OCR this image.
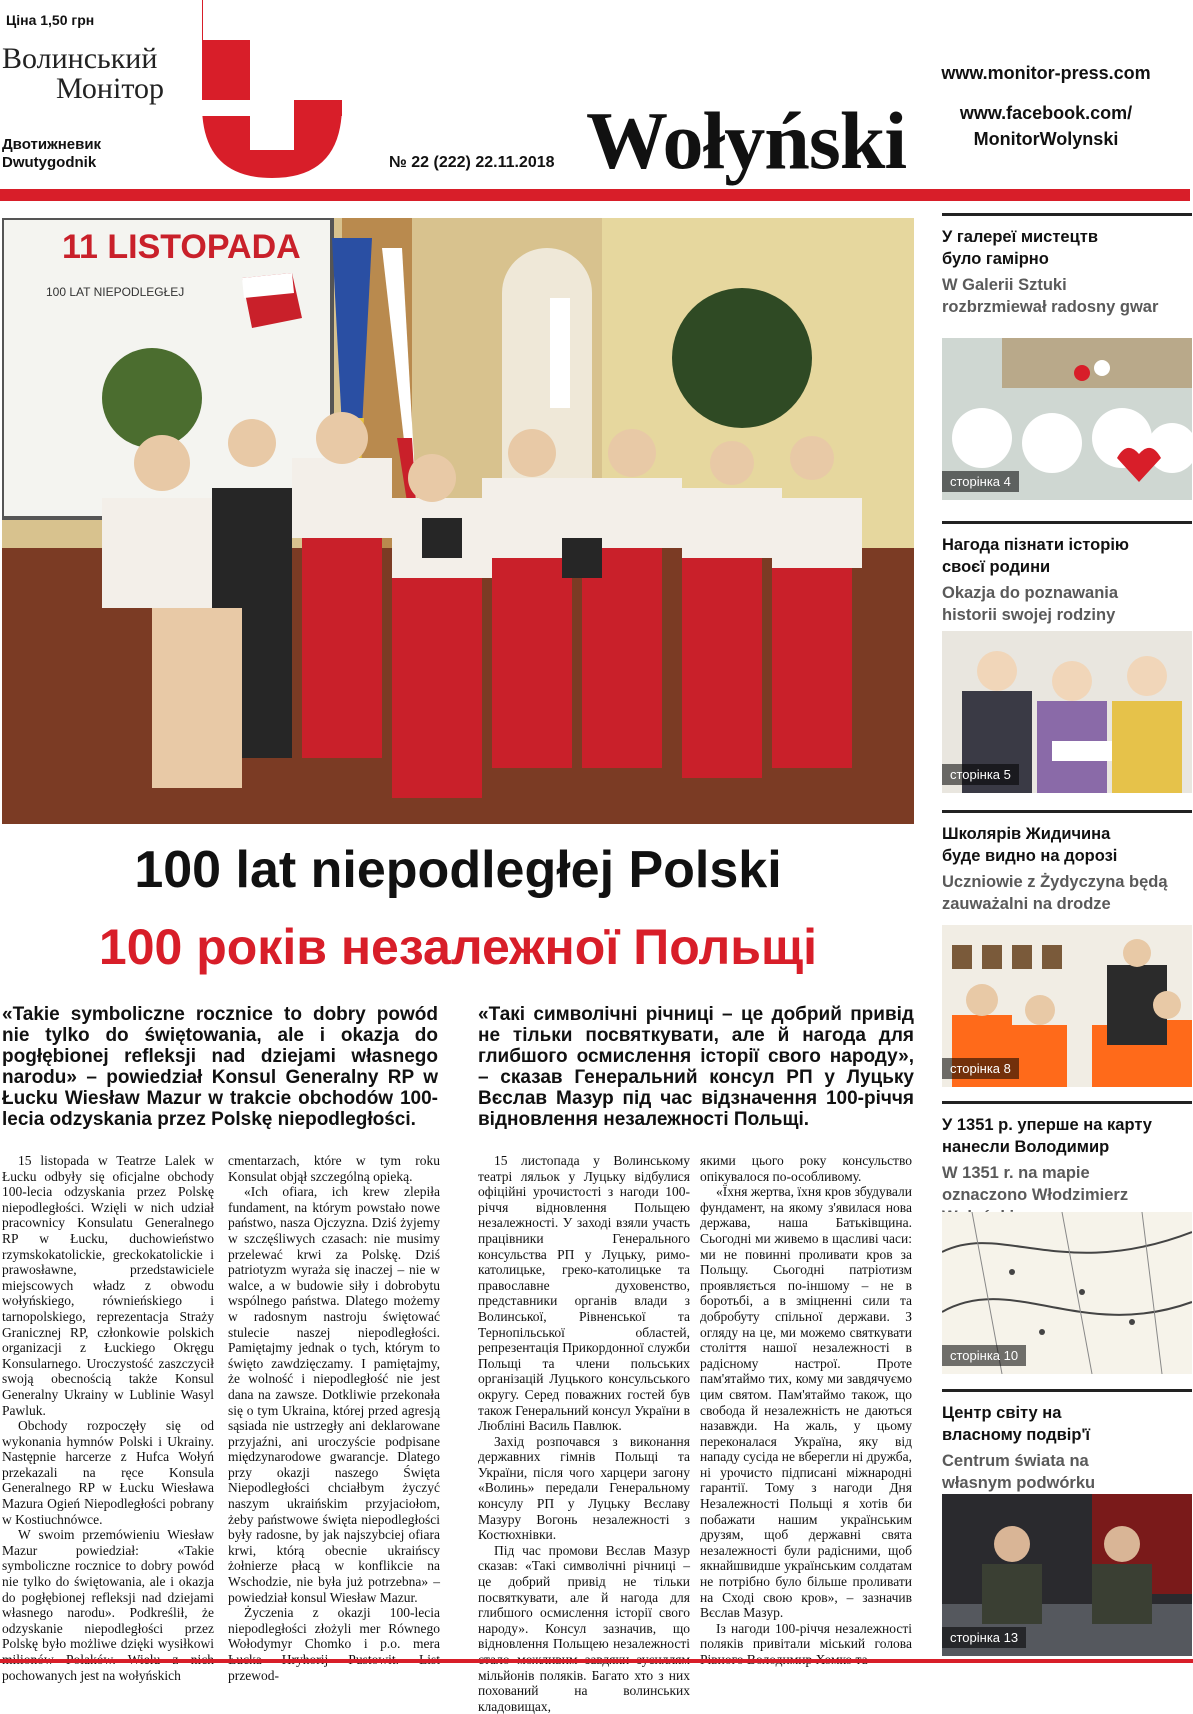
Ціна 1,50 грн
Волинський
Монітор
Двотижневик
Dwutygodnik	№ 22 (222) 22.11.2018 Wołyński
www.monitor-press.com
www.facebook.com/
MonitorWolynski
11 LISTOPADA
100 LAT NIEPODLEGŁEJ
100 lat niepodległej Polski
100 років незалежної Польщі
«Takie symboliczne rocznice to dobry powód nie tylko do świętowania, ale i okazja do pogłębionej refleksji nad dziejami własnego narodu» – powiedział Konsul Generalny RP w Łucku Wiesław Mazur w trakcie obchodów 100-lecia odzyskania przez Polskę niepodległości.
«Такі символічні річниці – це добрий привід не тільки посвяткувати, але й нагода для глибшого осмислення історії свого народу», – сказав Генеральний консул РП у Луцьку Вєслав Мазур під час відзначення 100-річчя відновлення незалежності Польщі.

15 listopada w Teatrze Lalek w Łucku odbyły się oficjalne obchody 100-lecia odzyskania przez Polskę niepodległości. Wzięli w nich udział pracownicy Konsulatu Generalnego RP w Łucku, duchowieństwo rzymskokatolickie, greckokatolickie i prawosławne, przedstawiciele miejscowych władz z obwodu wołyńskiego, równieńskiego i tarnopolskiego, reprezentacja Straży Granicznej RP, członkowie polskich organizacji z Łuckiego Okręgu Konsularnego. Uroczystość zaszczycił swoją obecnością także Konsul Generalny Ukrainy w Lublinie Wasyl Pawluk.

Obchody rozpoczęły się od wykonania hymnów Polski i Ukrainy. Następnie harcerze z Hufca Wołyń przekazali na ręce Konsula Generalnego RP w Łucku Wiesława Mazura Ogień Niepodległości pobrany w Kostiuchnówce.

W swoim przemówieniu Wiesław Mazur powiedział: «Takie symboliczne rocznice to dobry powód nie tylko do świętowania, ale i okazja do pogłębionej refleksji nad dziejami własnego narodu». Podkreślił, że odzyskanie niepodległości przez Polskę było możliwe dzięki wysiłkowi pochowanych jest na wołyńskich

cmentarzach, które w tym roku Konsulat objął szczególną opieką.

«Ich ofiara, ich krew zlepiła fundament, na którym powstało nowe państwo, nasza Ojczyzna. Dziś żyjemy w szczęśliwych czasach: nie musimy przelewać krwi za Polskę. Dziś patriotyzm wyraża się inaczej – nie w walce, a w budowie siły i dobrobytu wspólnego państwa. Dlatego możemy w radosnym nastroju świętować stulecie naszej niepodległości. Pamiętajmy jednak o tych, którym to święto zawdzięczamy. I pamiętajmy, że wolność i niepodległość nie jest dana na zawsze. Dotkliwie przekonała się o tym Ukraina, której przed agresją sąsiada nie ustrzegły ani deklarowane przyjaźni, ani uroczyście podpisane międzynarodowe gwarancje. Dlatego przy okazji naszego Święta Niepodległości chciałbym życzyć naszym ukraińskim przyjaciołom, żeby państwowe święta niepodległości były radosne, by jak najszybciej ofiara krwi, którą obecnie ukraińscy żołnierze płacą w konflikcie na Wschodzie, nie była już potrzebna» – powiedział konsul Wiesław Mazur.

Życzenia z okazji 100-lecia niepodległości złożyli mer Równego Wołodymyr Chomko i p.o. mera przewod-

15 листопада у Волинському театрі ляльок у Луцьку відбулися офіційні урочистості з нагоди 100-річчя відновлення Польщею незалежності. У заході взяли участь працівники Генерального консульства РП у Луцьку, римо-католицьке, греко-католицьке та православне духовенство, представники органів влади з Волинської, Рівненської та Тернопільської областей, репрезентація Прикордонної служби Польщі та члени польських організацій Луцького консульського округу. Серед поважних гостей був також Генеральний консул України в Любліні Василь Павлюк.

Захід розпочався з виконання державних гімнів Польщі та України, після чого харцери загону «Волинь» передали Генеральному консулу РП у Луцьку Вєславу Мазуру Вогонь незалежності з Костюхнівки.

Під час промови Вєслав Мазур сказав: «Такі символічні річниці – це добрий привід не тільки посвяткувати, але й нагода для глибшого осмислення історії свого народу». Консул зазначив, що відновлення Польщею незалежності мільйонів поляків. Багато хто з них похований на волинських кладовищах,

якими цього року консульство опікувалося по-особливому.

«Їхня жертва, їхня кров збудували фундамент, на якому з'явилася нова держава, наша Батьківщина. Сьогодні ми живемо в щасливі часи: ми не повинні проливати кров за Польщу. Сьогодні патріотизм проявляється по-іншому – не в боротьбі, а в зміцненні сили та добробуту спільної держави. З огляду на це, ми можемо святкувати століття нашої незалежності в радісному настрої. Проте пам'ятаймо тих, кому ми завдячуємо цим святом. Пам'ятаймо також, що свобода й незалежність не даються назавжди. На жаль, у цьому переконалася Україна, яку від нападу сусіда не вберегли ні дружба, ні урочисто підписані міжнародні гарантії. Тому з нагоди Дня Незалежності Польщі я хотів би побажати нашим українським друзям, щоб державні свята незалежності були радісними, щоб якнайшвидше українським солдатам не потрібно було більше проливати на Сході свою кров», – зазначив Вєслав Мазур.

Із нагоди 100-річчя незалежності поляків привітали міський голова

У галереї мистецтв було гамірно
W Galerii Sztuki rozbrzmiewał radosny gwar
сторінка 4
Нагода пізнати історію своєї родини
Okazja do poznawania historii swojej rodziny
сторінка 5
Школярів Жидичина буде видно на дорозі
Uczniowie z Żydyczyna będą zauważalni na drodze
сторінка 8
У 1351 р. уперше на карту нанесли Володимир
W 1351 r. na mapie oznaczono Włodzimierz
сторінка 10
Центр світу на власному подвір'ї
Centrum świata na własnym podwórku
сторінка 13
